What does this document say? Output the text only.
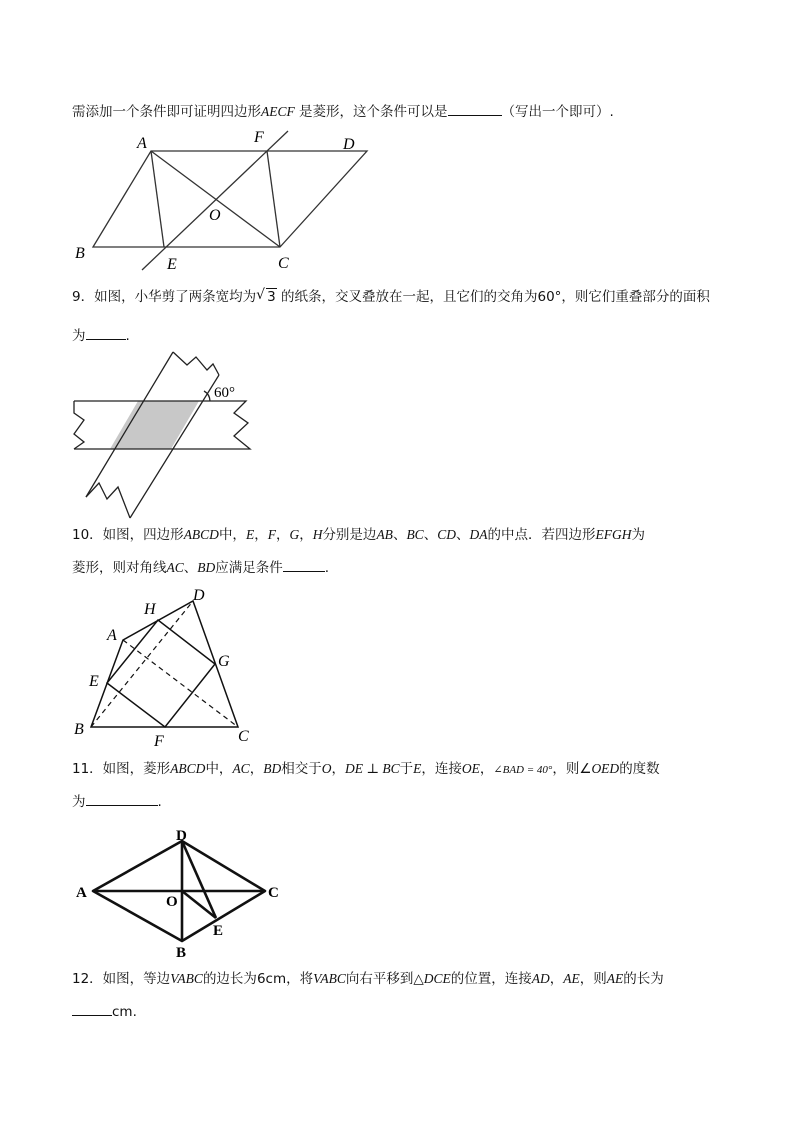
需添加一个条件即可证明四边形AECF 是菱形，这个条件可以是	（写出一个即可）.
A	F	D
O
B
E	C
9．如图，小华剪了两条宽均为 √ 3 的纸条，交叉叠放在一起，且它们的交角为60°，则它们重叠部分的面积
为	.
60°
10．如图，四边形ABCD中，E，F，G，H分别是边AB、BC、CD、DA的中点．若四边形EFGH为
菱形，则对角线AC、BD应满足条件	.
H
D
A
G
E
B
F	C
11．如图，菱形ABCD中，AC，BD相交于O，DE ⊥ BC于E，连接OE，∠BAD = 40°，则∠OED的度数
为	.
D
A
O
C
B
E
12．如图，等边VABC的边长为6cm，将VABC向右平移到△DCE的位置，连接AD，AE，则AE的长为
cm.
